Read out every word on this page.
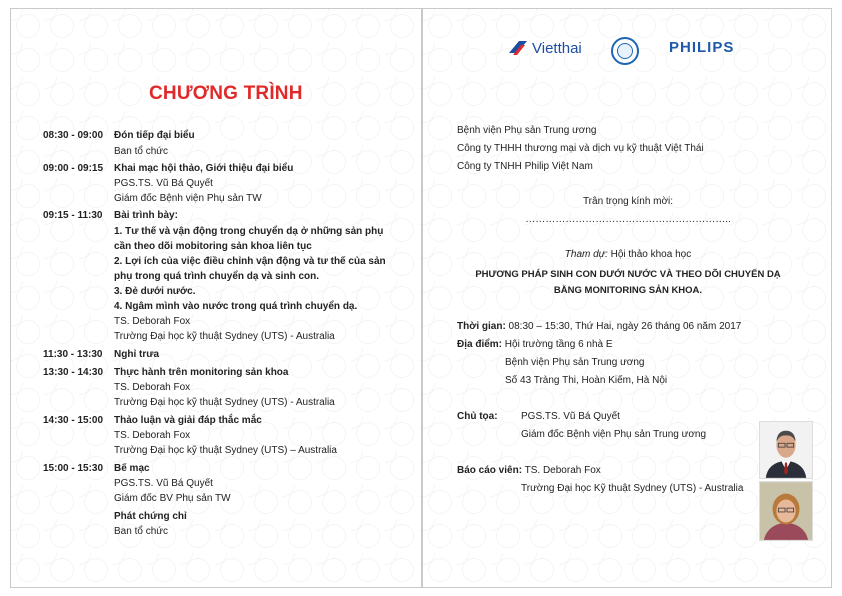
CHƯƠNG TRÌNH
08:30 - 09:00 Đón tiếp đại biểu
Ban tổ chức
09:00 - 09:15 Khai mạc hội thảo, Giới thiệu đại biểu
PGS.TS. Vũ Bá Quyết
Giám đốc Bệnh viện Phụ sản TW
09:15 - 11:30 Bài trình bày:
1. Tư thế và vận động trong chuyển dạ ở những sản phụ
cần theo dõi mobitoring sản khoa liên tục
2. Lợi ích của việc điều chỉnh vận động và tư thế của sản
phụ trong quá trình chuyển dạ và sinh con.
3. Đẻ dưới nước.
4. Ngâm mình vào nước trong quá trình chuyển dạ.
TS. Deborah Fox
Trường Đại học kỹ thuật Sydney (UTS) - Australia
11:30 - 13:30 Nghỉ trưa
13:30 - 14:30 Thực hành trên monitoring sản khoa
TS. Deborah Fox
Trường Đại học kỹ thuật Sydney (UTS) - Australia
14:30 - 15:00 Thảo luận và giải đáp thắc mắc
TS. Deborah Fox
Trường Đại học kỹ thuật Sydney (UTS) – Australia
15:00 - 15:30 Bế mạc
PGS.TS. Vũ Bá Quyết
Giám đốc BV Phụ sản TW
Phát chứng chỉ
Ban tổ chức
Vietthai	PHILIPS
Bệnh viện Phụ sản Trung ương
Công ty THHH thương mại và dịch vụ kỹ thuật Việt Thái
Công ty TNHH Philip Việt Nam
Trân trọng kính mời:
……………………………………………………..
Tham dự: Hội thảo khoa học
PHƯƠNG PHÁP SINH CON DƯỚI NƯỚC VÀ THEO DÕI CHUYỂN DẠ
BẰNG MONITORING SẢN KHOA.
Thời gian: 08:30 – 15:30, Thứ Hai, ngày 26 tháng 06 năm 2017
Địa điểm: Hội trường tầng 6 nhà E
Bệnh viện Phụ sản Trung ương
Số 43 Tràng Thi, Hoàn Kiếm, Hà Nội
Chủ tọa: PGS.TS. Vũ Bá Quyết
Giám đốc Bệnh viện Phụ sản Trung ương
Báo cáo viên: TS. Deborah Fox
Trường Đại học Kỹ thuật Sydney (UTS) - Australia
